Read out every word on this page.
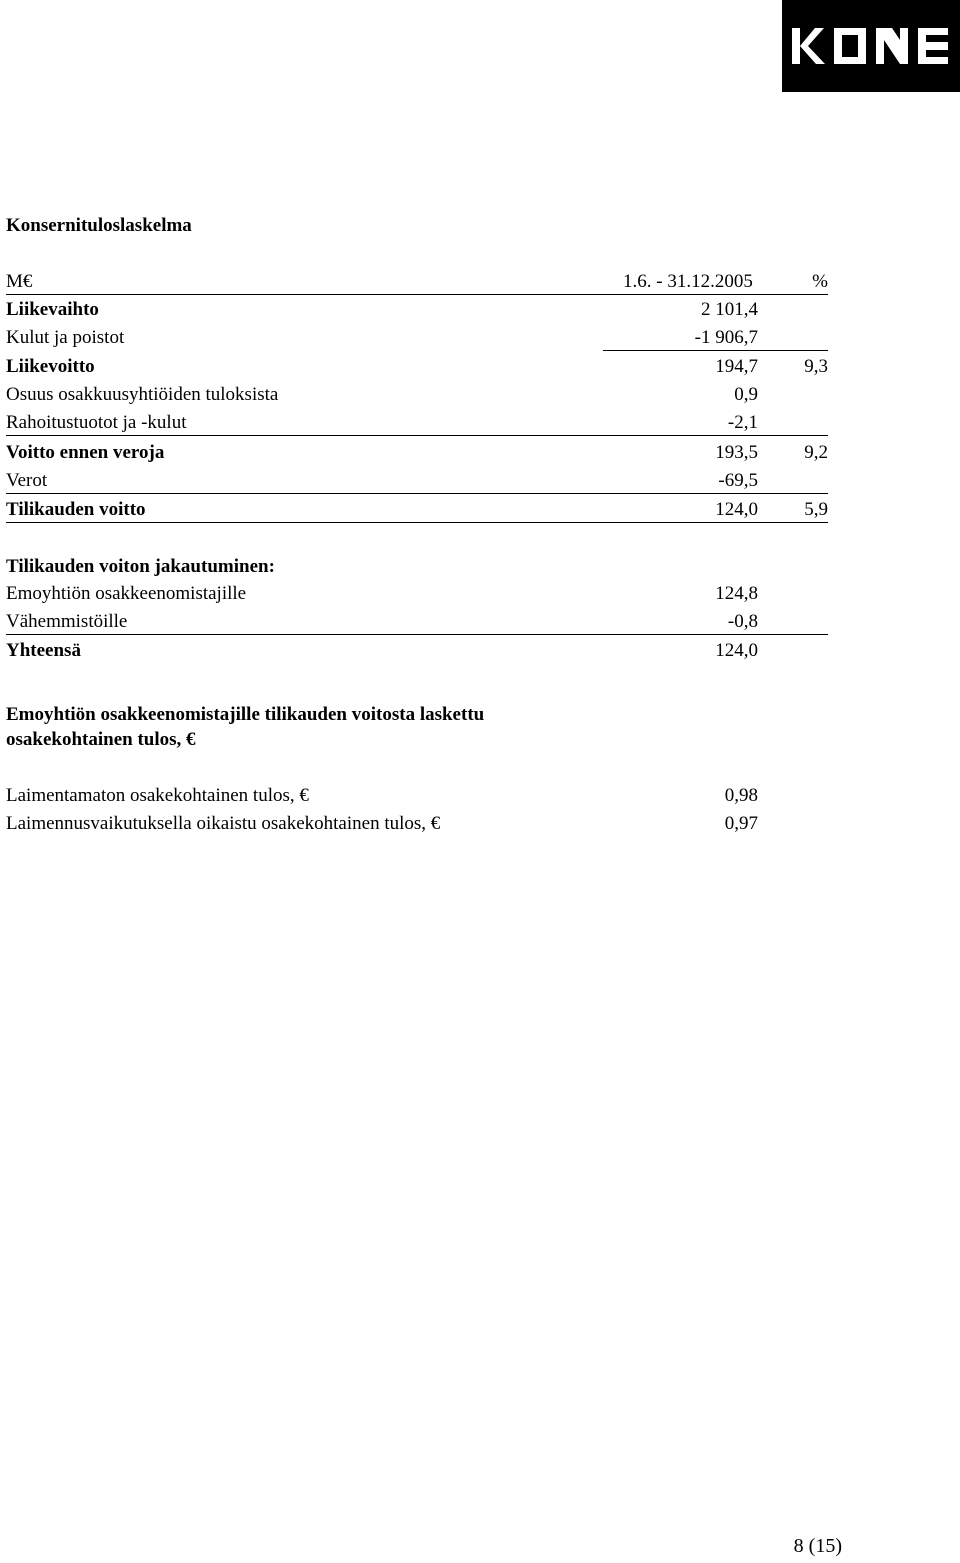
Konsernituloslaskelma
M€	1.6. - 31.12.2005	%
Liikevaihto	2 101,4
Kulut ja poistot	-1 906,7
Liikevoitto	194,7 9,3
Osuus osakkuusyhtiöiden tuloksista	0,9
Rahoitustuotot ja -kulut	-2,1
Voitto ennen veroja	193,5 9,2
Verot	-69,5
Tilikauden voitto	124,0 5,9
Tilikauden voiton jakautuminen:
Emoyhtiön osakkeenomistajille	124,8
Vähemmistöille	-0,8
Yhteensä	124,0
Emoyhtiön osakkeenomistajille tilikauden voitosta laskettu
osakekohtainen tulos, €
Laimentamaton osakekohtainen tulos, €	0,98
Laimennusvaikutuksella oikaistu osakekohtainen tulos, €	0,97
8 (15)
